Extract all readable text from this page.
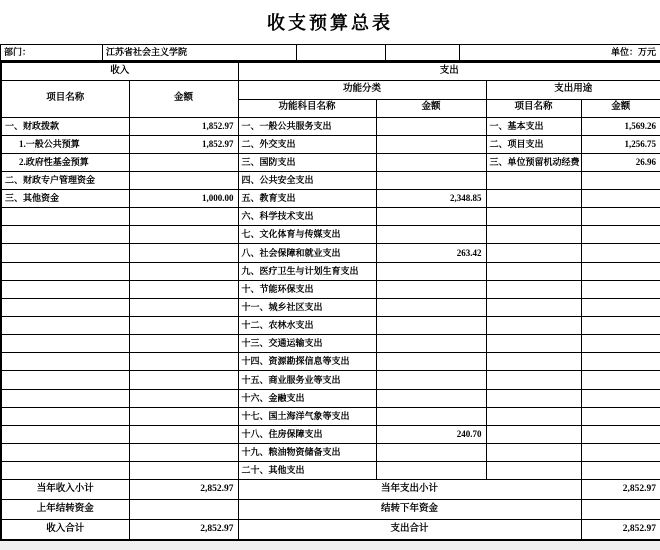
收支预算总表
部门：	江苏省社会主义学院			单位：万元
收入		支出			
项目名称	金额	功能分类		支出用途	
		功能科目名称	金额	项目名称	金额
一、财政拨款	1,852.97	一、一般公共服务支出		一、基本支出	1,569.26
1.一般公共预算	1,852.97	二、外交支出		二、项目支出	1,256.75
2.政府性基金预算		三、国防支出		三、单位预留机动经费	26.96
二、财政专户管理资金		四、公共安全支出			
三、其他资金	1,000.00	五、教育支出	2,348.85		
		六、科学技术支出			
		七、文化体育与传媒支出			
		八、社会保障和就业支出	263.42		
		九、医疗卫生与计划生育支出			
		十、节能环保支出			
		十一、城乡社区支出			
		十二、农林水支出			
		十三、交通运输支出			
		十四、资源勘探信息等支出			
		十五、商业服务业等支出			
		十六、金融支出			
		十七、国土海洋气象等支出			
		十八、住房保障支出	240.70		
		十九、粮油物资储备支出			
		二十、其他支出			
当年收入小计	2,852.97	当年支出小计			2,852.97
上年结转资金		结转下年资金			
收入合计	2,852.97	支出合计			2,852.97
